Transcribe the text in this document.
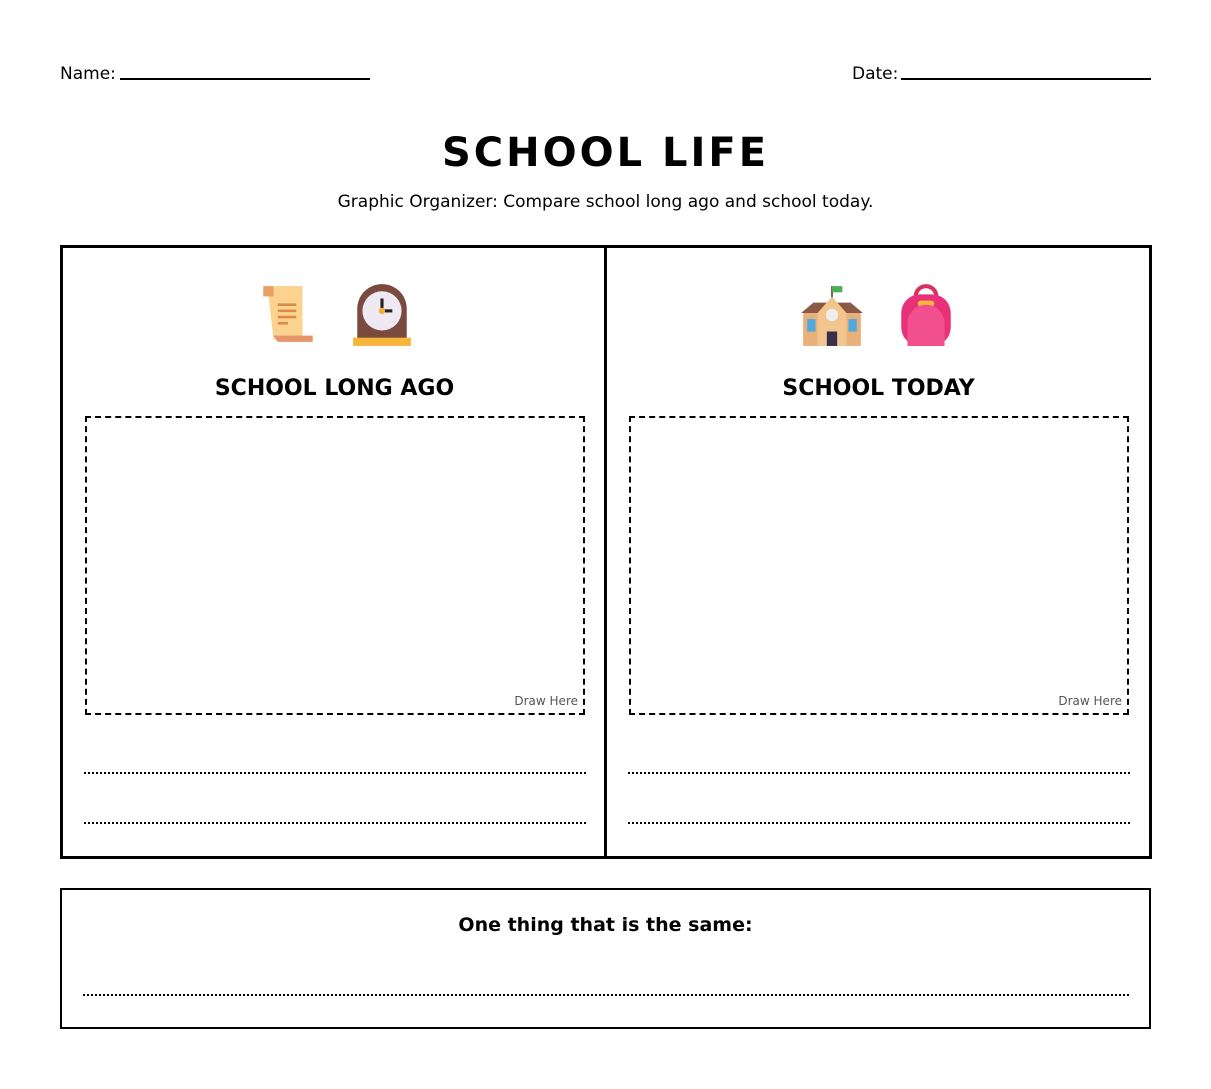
Name:	Date:
SCHOOL LIFE
Graphic Organizer: Compare school long ago and school today.
SCHOOL LONG AGO
Draw Here
SCHOOL TODAY
Draw Here
One thing that is the same:
